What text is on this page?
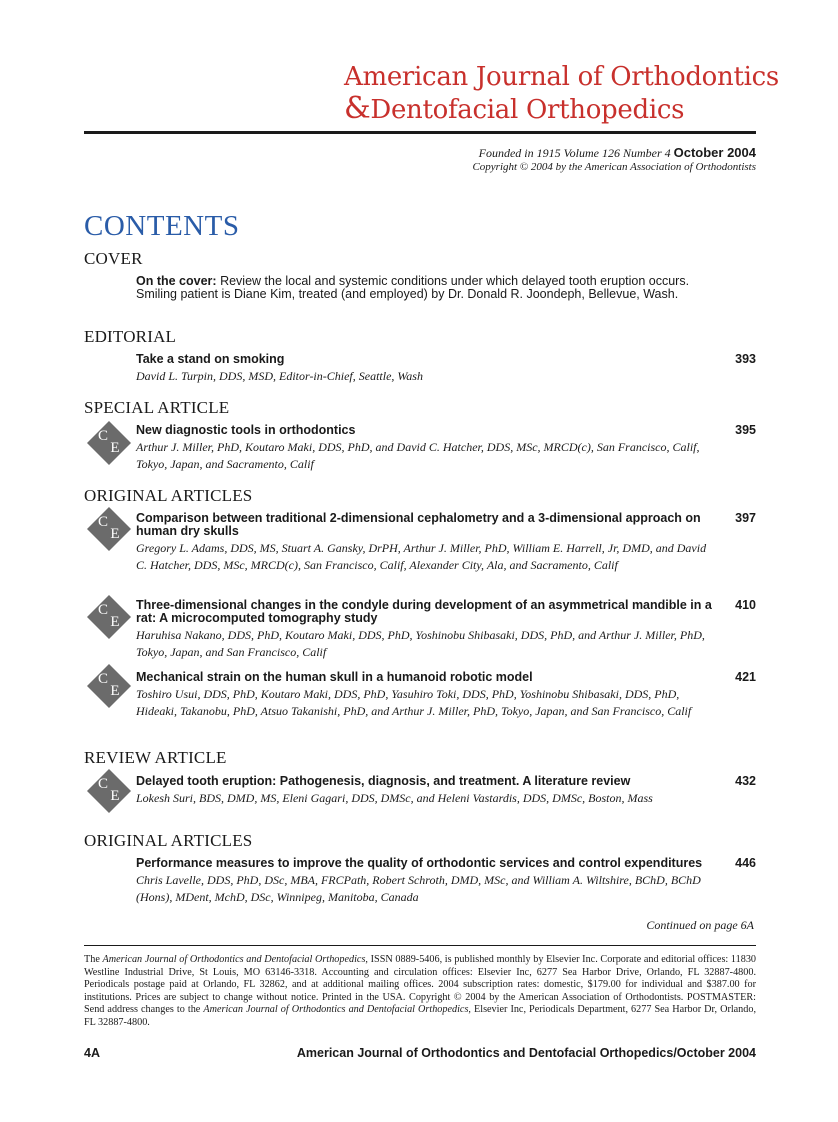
American Journal of Orthodontics
&Dentofacial Orthopedics
Founded in 1915 Volume 126 Number 4 October 2004
Copyright © 2004 by the American Association of Orthodontists
CONTENTS
COVER
On the cover: Review the local and systemic conditions under which delayed tooth eruption occurs. Smiling patient is Diane Kim, treated (and employed) by Dr. Donald R. Joondeph, Bellevue, Wash.
EDITORIAL
Take a stand on smoking
David L. Turpin, DDS, MSD, Editor-in-Chief, Seattle, Wash
393
SPECIAL ARTICLE
C
E
New diagnostic tools in orthodontics
Arthur J. Miller, PhD, Koutaro Maki, DDS, PhD, and David C. Hatcher, DDS, MSc, MRCD(c), San Francisco, Calif, Tokyo, Japan, and Sacramento, Calif
395
ORIGINAL ARTICLES
C
E
Comparison between traditional 2-dimensional cephalometry and a 3-dimensional approach on human dry skulls
Gregory L. Adams, DDS, MS, Stuart A. Gansky, DrPH, Arthur J. Miller, PhD, William E. Harrell, Jr, DMD, and David C. Hatcher, DDS, MSc, MRCD(c), San Francisco, Calif, Alexander City, Ala, and Sacramento, Calif
397
C
E
Three-dimensional changes in the condyle during development of an asymmetrical mandible in a rat: A microcomputed tomography study
Haruhisa Nakano, DDS, PhD, Koutaro Maki, DDS, PhD, Yoshinobu Shibasaki, DDS, PhD, and Arthur J. Miller, PhD, Tokyo, Japan, and San Francisco, Calif
410
C
E
Mechanical strain on the human skull in a humanoid robotic model
Toshiro Usui, DDS, PhD, Koutaro Maki, DDS, PhD, Yasuhiro Toki, DDS, PhD, Yoshinobu Shibasaki, DDS, PhD, Hideaki, Takanobu, PhD, Atsuo Takanishi, PhD, and Arthur J. Miller, PhD, Tokyo, Japan, and San Francisco, Calif
421
REVIEW ARTICLE
C
E
Delayed tooth eruption: Pathogenesis, diagnosis, and treatment. A literature review
Lokesh Suri, BDS, DMD, MS, Eleni Gagari, DDS, DMSc, and Heleni Vastardis, DDS, DMSc, Boston, Mass
432
ORIGINAL ARTICLES
Performance measures to improve the quality of orthodontic services and control expenditures
Chris Lavelle, DDS, PhD, DSc, MBA, FRCPath, Robert Schroth, DMD, MSc, and William A. Wiltshire, BChD, BChD (Hons), MDent, MchD, DSc, Winnipeg, Manitoba, Canada
446
Continued on page 6A
The American Journal of Orthodontics and Dentofacial Orthopedics, ISSN 0889-5406, is published monthly by Elsevier Inc. Corporate and editorial offices: 11830 Westline Industrial Drive, St Louis, MO 63146-3318. Accounting and circulation offices: Elsevier Inc, 6277 Sea Harbor Drive, Orlando, FL 32887-4800. Periodicals postage paid at Orlando, FL 32862, and at additional mailing offices. 2004 subscription rates: domestic, $179.00 for individual and $387.00 for institutions. Prices are subject to change without notice. Printed in the USA. Copyright © 2004 by the American Association of Orthodontists. POSTMASTER: Send address changes to the American Journal of Orthodontics and Dentofacial Orthopedics, Elsevier Inc, Periodicals Department, 6277 Sea Harbor Dr, Orlando, FL 32887-4800.
4A	American Journal of Orthodontics and Dentofacial Orthopedics/October 2004
